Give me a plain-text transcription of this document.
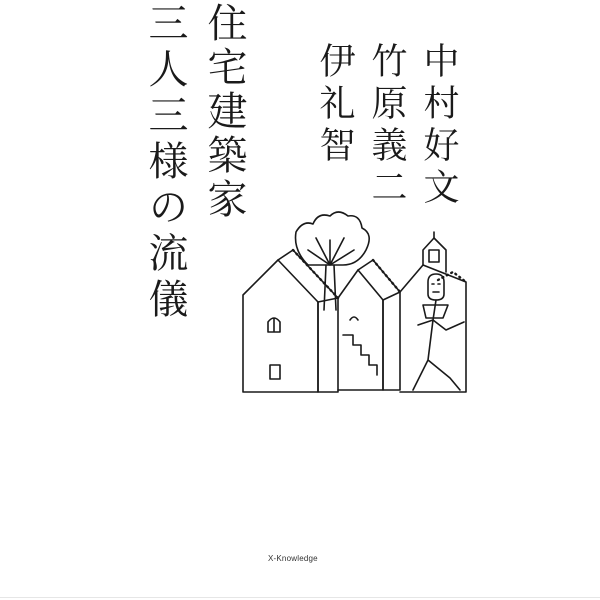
住宅建築家
三人三様の流儀	中村好文
竹原義二
伊礼智
X-Knowledge
